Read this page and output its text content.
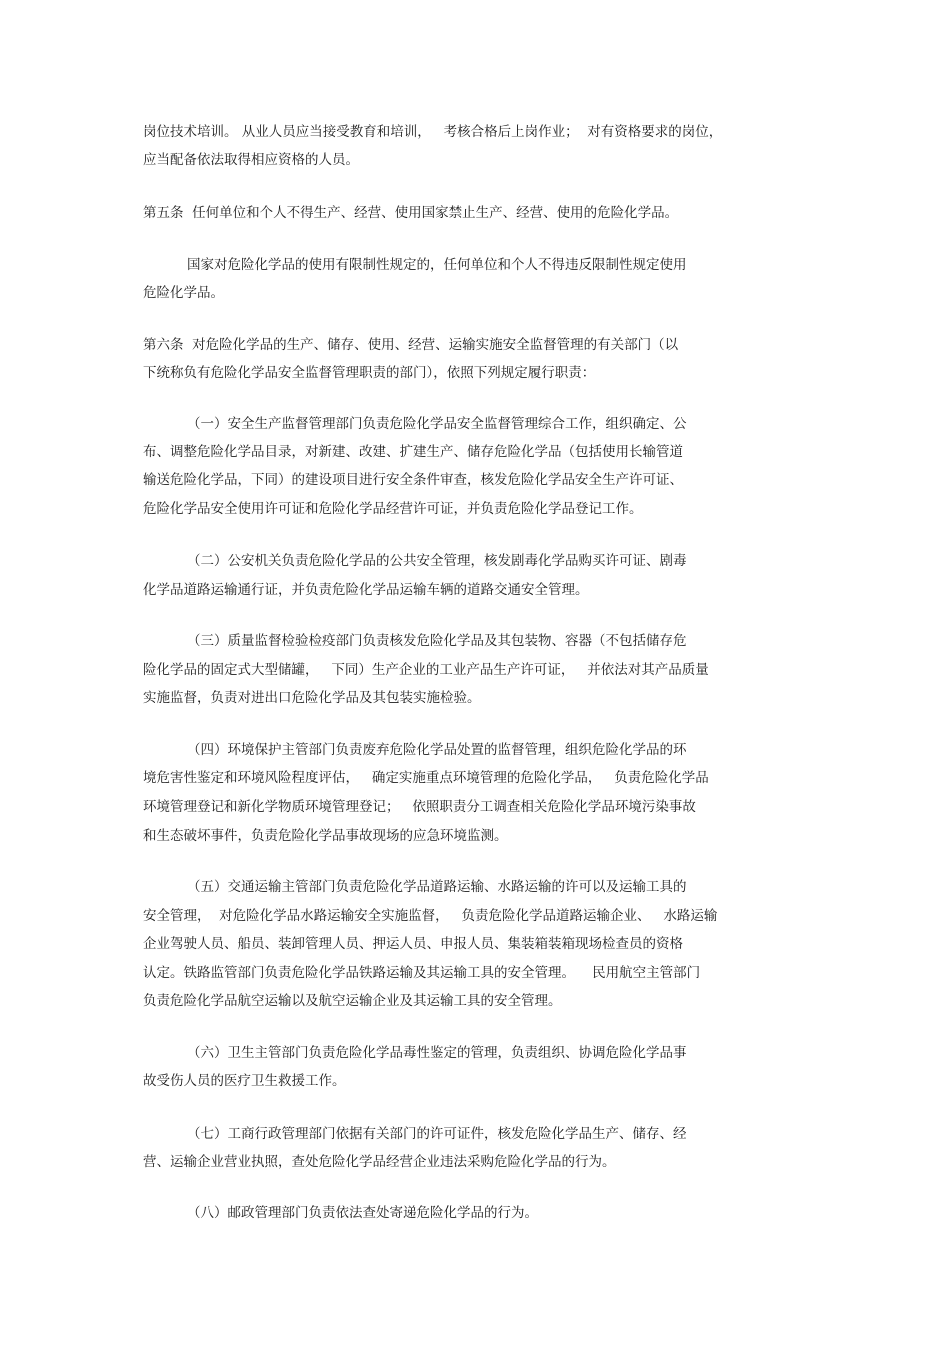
岗位技术培训。 从业人员应当接受教育和培训，   考核合格后上岗作业；  对有资格要求的岗位，
应当配备依法取得相应资格的人员。
第五条  任何单位和个人不得生产、经营、使用国家禁止生产、经营、使用的危险化学品。
国家对危险化学品的使用有限制性规定的，任何单位和个人不得违反限制性规定使用
危险化学品。
第六条  对危险化学品的生产、储存、使用、经营、运输实施安全监督管理的有关部门（以
下统称负有危险化学品安全监督管理职责的部门），依照下列规定履行职责：
（一）安全生产监督管理部门负责危险化学品安全监督管理综合工作，组织确定、公
布、调整危险化学品目录，对新建、改建、扩建生产、储存危险化学品（包括使用长输管道
输送危险化学品，下同）的建设项目进行安全条件审查，核发危险化学品安全生产许可证、
危险化学品安全使用许可证和危险化学品经营许可证，并负责危险化学品登记工作。
（二）公安机关负责危险化学品的公共安全管理，核发剧毒化学品购买许可证、剧毒
化学品道路运输通行证，并负责危险化学品运输车辆的道路交通安全管理。
（三）质量监督检验检疫部门负责核发危险化学品及其包装物、容器（不包括储存危
险化学品的固定式大型储罐，   下同）生产企业的工业产品生产许可证，   并依法对其产品质量
实施监督，负责对进出口危险化学品及其包装实施检验。
（四）环境保护主管部门负责废弃危险化学品处置的监督管理，组织危险化学品的环
境危害性鉴定和环境风险程度评估，   确定实施重点环境管理的危险化学品，   负责危险化学品
环境管理登记和新化学物质环境管理登记；   依照职责分工调查相关危险化学品环境污染事故
和生态破坏事件，负责危险化学品事故现场的应急环境监测。
（五）交通运输主管部门负责危险化学品道路运输、水路运输的许可以及运输工具的
安全管理，  对危险化学品水路运输安全实施监督，   负责危险化学品道路运输企业、   水路运输
企业驾驶人员、船员、装卸管理人员、押运人员、申报人员、集装箱装箱现场检查员的资格
认定。铁路监管部门负责危险化学品铁路运输及其运输工具的安全管理。    民用航空主管部门
负责危险化学品航空运输以及航空运输企业及其运输工具的安全管理。
（六）卫生主管部门负责危险化学品毒性鉴定的管理，负责组织、协调危险化学品事
故受伤人员的医疗卫生救援工作。
（七）工商行政管理部门依据有关部门的许可证件，核发危险化学品生产、储存、经
营、运输企业营业执照，查处危险化学品经营企业违法采购危险化学品的行为。
（八）邮政管理部门负责依法查处寄递危险化学品的行为。
